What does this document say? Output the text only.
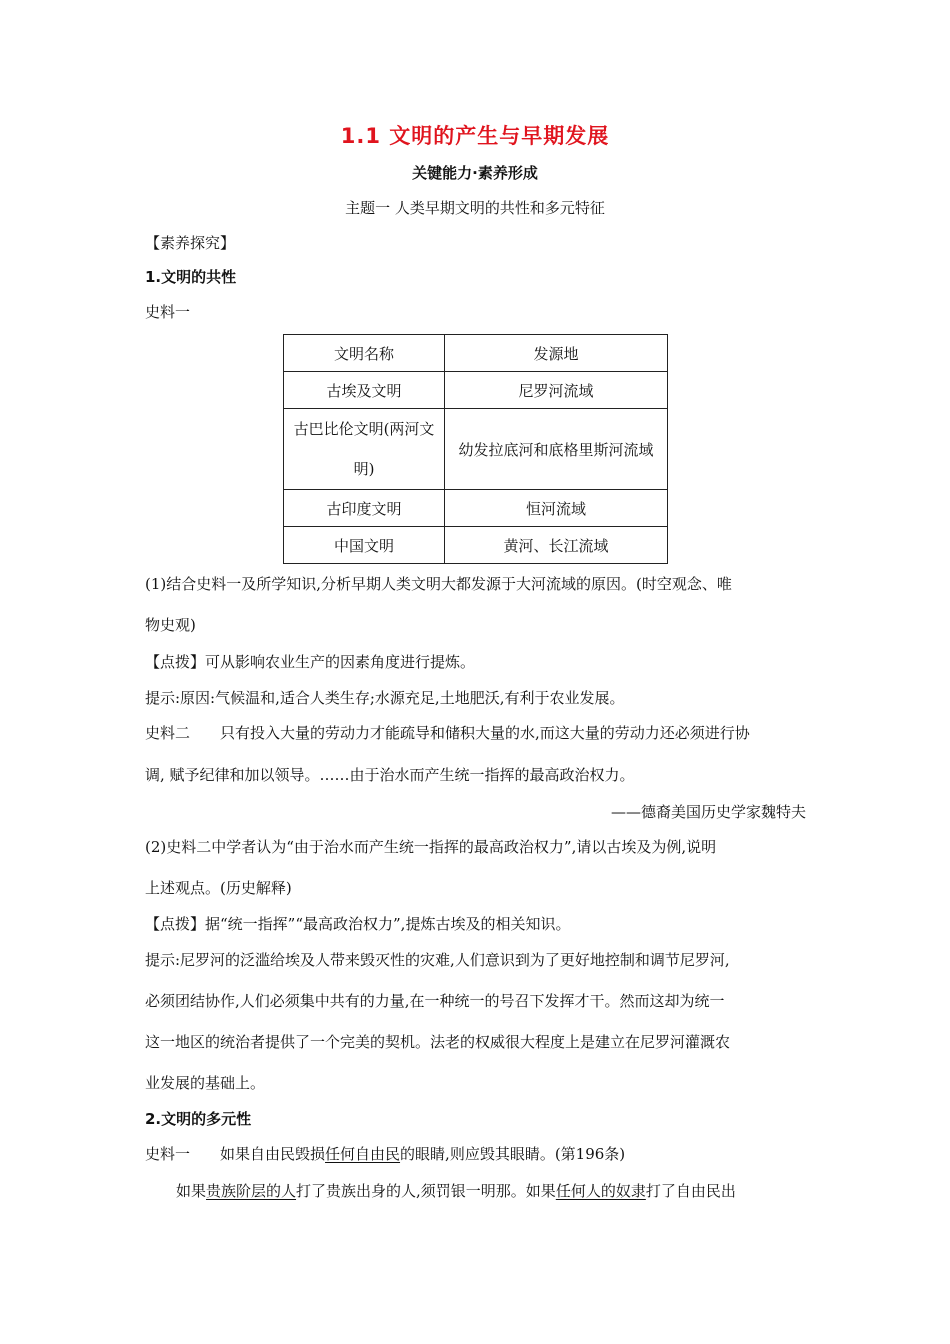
1.1 文明的产生与早期发展
关键能力·素养形成
主题一 人类早期文明的共性和多元特征
【素养探究】
1.文明的共性
史料一
文明名称	发源地
古埃及文明	尼罗河流域
古巴比伦文明(两河文明)	幼发拉底河和底格里斯河流域
古印度文明	恒河流域
中国文明	黄河、长江流域
(1)结合史料一及所学知识,分析早期人类文明大都发源于大河流域的原因。(时空观念、唯
物史观)
【点拨】可从影响农业生产的因素角度进行提炼。
提示:原因:气候温和,适合人类生存;水源充足,土地肥沃,有利于农业发展。
史料二 只有投入大量的劳动力才能疏导和储积大量的水,而这大量的劳动力还必须进行协
调, 赋予纪律和加以领导。……由于治水而产生统一指挥的最高政治权力。
——德裔美国历史学家魏特夫
(2)史料二中学者认为“由于治水而产生统一指挥的最高政治权力”,请以古埃及为例,说明
上述观点。(历史解释)
【点拨】据“统一指挥”“最高政治权力”,提炼古埃及的相关知识。
提示:尼罗河的泛滥给埃及人带来毁灭性的灾难,人们意识到为了更好地控制和调节尼罗河,
必须团结协作,人们必须集中共有的力量,在一种统一的号召下发挥才干。然而这却为统一
这一地区的统治者提供了一个完美的契机。法老的权威很大程度上是建立在尼罗河灌溉农
业发展的基础上。
2.文明的多元性
史料一 如果自由民毁损任何自由民的眼睛,则应毁其眼睛。(第196条)
如果贵族阶层的人打了贵族出身的人,须罚银一明那。如果任何人的奴隶打了自由民出
